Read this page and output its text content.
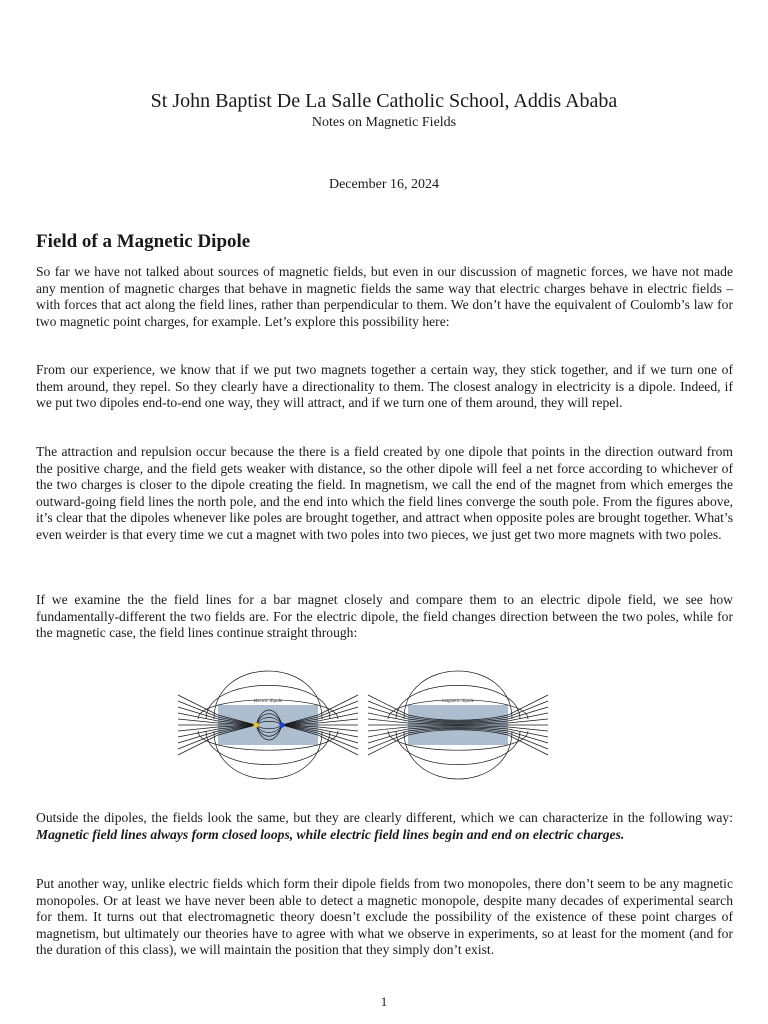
St John Baptist De La Salle Catholic School, Addis Ababa
Notes on Magnetic Fields
December 16, 2024
Field of a Magnetic Dipole

So far we have not talked about sources of magnetic fields, but even in our discussion of magnetic forces, we have not made any mention of magnetic charges that behave in magnetic fields the same way that electric charges behave in electric fields – with forces that act along the field lines, rather than perpendicular to them. We don’t have the equivalent of Coulomb’s law for two magnetic point charges, for example. Let’s explore this possibility here:

From our experience, we know that if we put two magnets together a certain way, they stick together, and if we turn one of them around, they repel. So they clearly have a directionality to them. The closest analogy in electricity is a dipole. Indeed, if we put two dipoles end-to-end one way, they will attract, and if we turn one of them around, they will repel.

The attraction and repulsion occur because the there is a field created by one dipole that points in the direction outward from the positive charge, and the field gets weaker with distance, so the other dipole will feel a net force according to whichever of the two charges is closer to the dipole creating the field. In magnetism, we call the end of the magnet from which emerges the outward-going field lines the north pole, and the end into which the field lines converge the south pole. From the figures above, it’s clear that the dipoles whenever like poles are brought together, and attract when opposite poles are brought together. What’s even weirder is that every time we cut a magnet with two poles into two pieces, we just get two more magnets with two poles.

If we examine the the field lines for a bar magnet closely and compare them to an electric dipole field, we see how fundamentally-different the two fields are. For the electric dipole, the field changes direction between the two poles, while for the magnetic case, the field lines continue straight through:

electric dipole	magnetic dipole

Outside the dipoles, the fields look the same, but they are clearly different, which we can characterize in the following way: Magnetic field lines always form closed loops, while electric field lines begin and end on electric charges.

Put another way, unlike electric fields which form their dipole fields from two monopoles, there don’t seem to be any magnetic monopoles. Or at least we have never been able to detect a magnetic monopole, despite many decades of experimental search for them. It turns out that electromagnetic theory doesn’t exclude the possibility of the existence of these point charges of magnetism, but ultimately our theories have to agree with what we observe in experiments, so at least for the moment (and for the duration of this class), we will maintain the position that they simply don’t exist.

1
